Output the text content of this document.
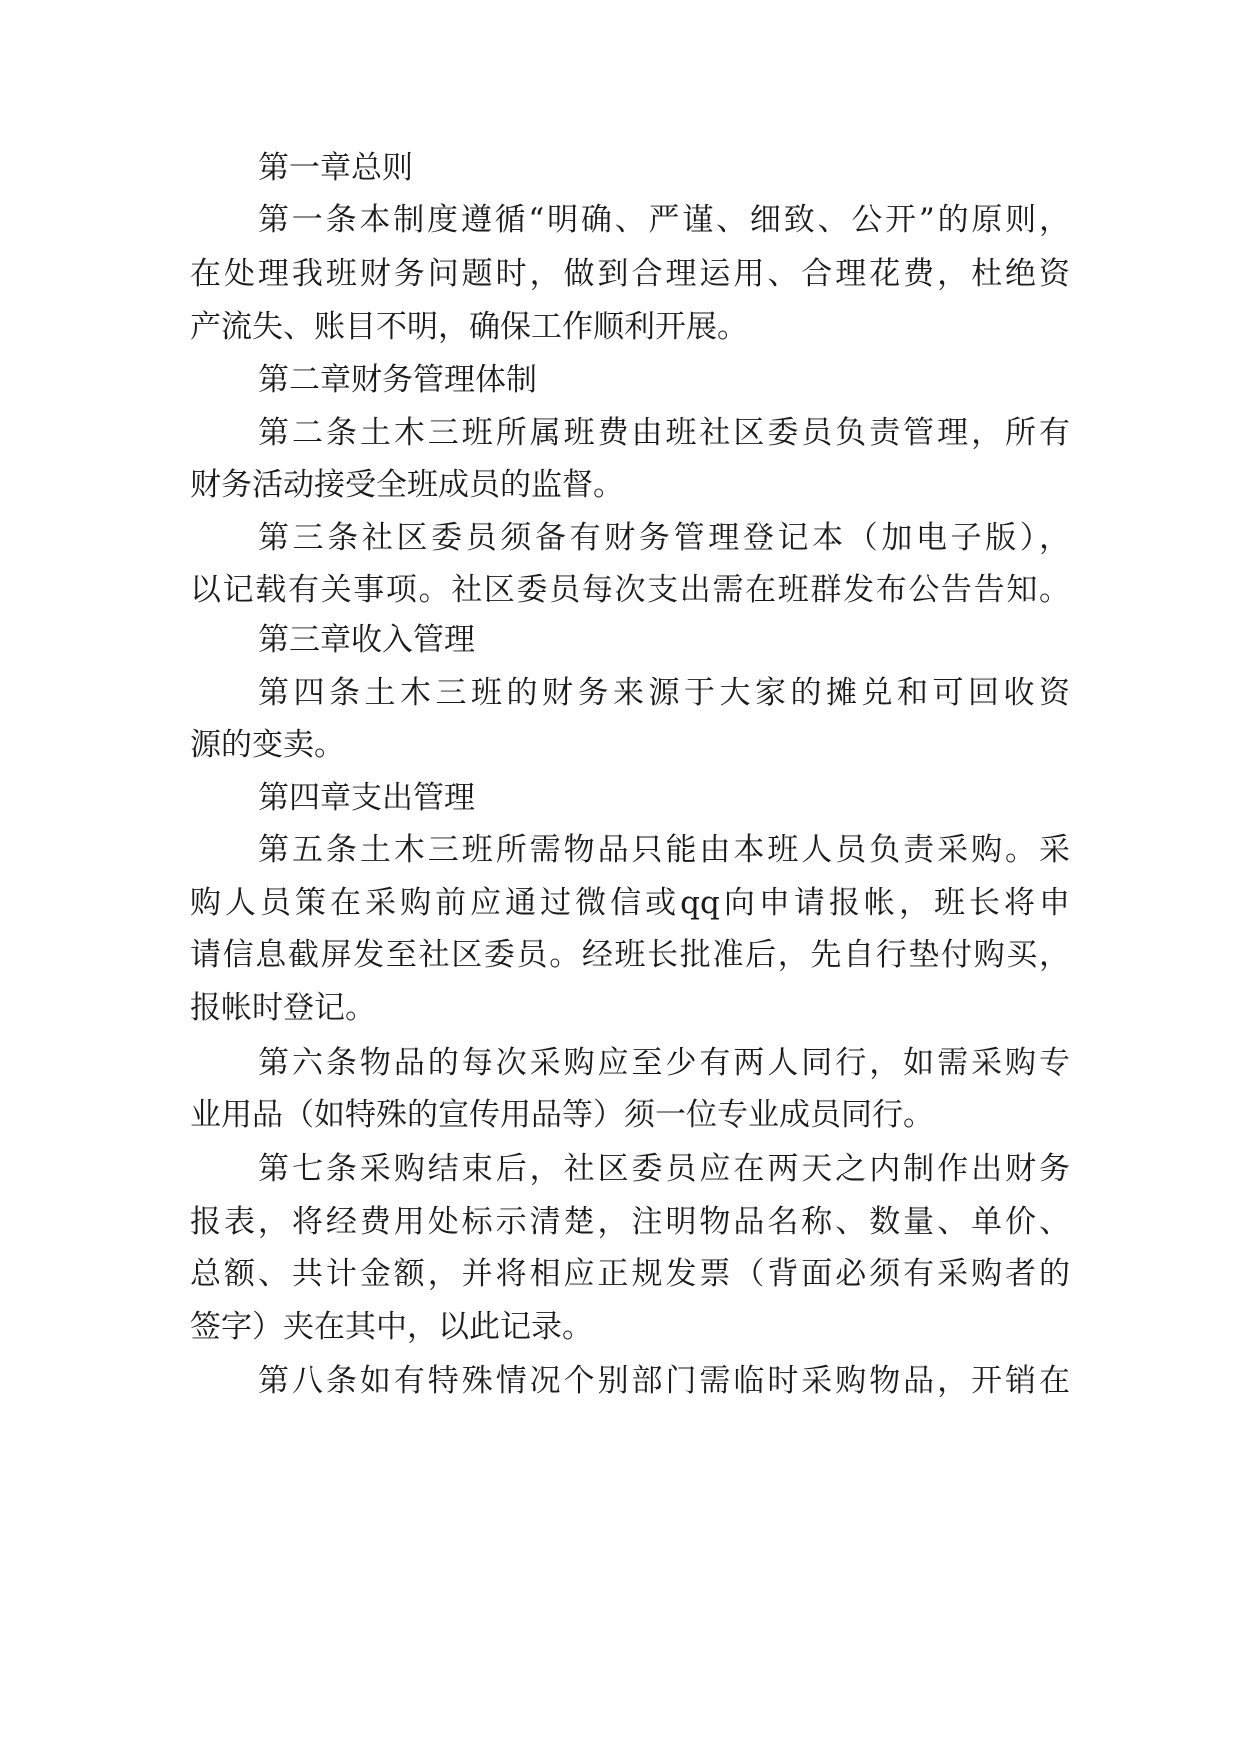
第一章总则
第一条本制度遵循“明确、严谨、细致、公开”的原则，
在处理我班财务问题时，做到合理运用、合理花费，杜绝资
产流失、账目不明，确保工作顺利开展。
第二章财务管理体制
第二条土木三班所属班费由班社区委员负责管理，所有
财务活动接受全班成员的监督。
第三条社区委员须备有财务管理登记本（加电子版），
以记载有关事项。社区委员每次支出需在班群发布公告告知。
第三章收入管理
第四条土木三班的财务来源于大家的摊兑和可回收资
源的变卖。
第四章支出管理
第五条土木三班所需物品只能由本班人员负责采购。采
购人员策在采购前应通过微信或qq向申请报帐，班长将申
请信息截屏发至社区委员。经班长批准后，先自行垫付购买，
报帐时登记。
第六条物品的每次采购应至少有两人同行，如需采购专
业用品（如特殊的宣传用品等）须一位专业成员同行。
第七条采购结束后，社区委员应在两天之内制作出财务
报表，将经费用处标示清楚，注明物品名称、数量、单价、
总额、共计金额，并将相应正规发票（背面必须有采购者的
签字）夹在其中，以此记录。
第八条如有特殊情况个别部门需临时采购物品，开销在
